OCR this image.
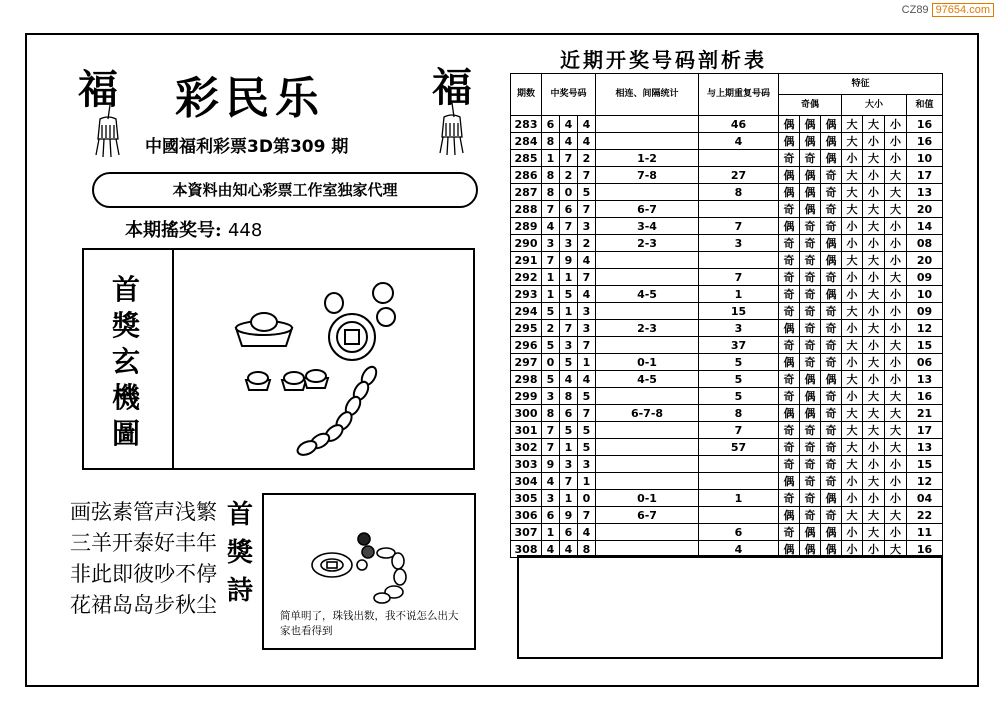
CZ89 97654.com
福	福
彩民乐
中國福利彩票3D第309 期
本資料由知心彩票工作室独家代理
本期搖奖号: 448
首
獎
玄
機
圖
画弦素管声浅繁
三羊开泰好丰年
非此即彼吵不停
花裙岛岛步秋尘
首
獎
詩
简单明了，珠钱出数，我不说怎么出大家也看得到
近期开奖号码剖析表
期数	中奖号码			相连、间隔统计	与上期重复号码	特征						
						奇偶			大小			和值
283	6	4	4		46	偶	偶	偶	大	大	小	16
284	8	4	4		4	偶	偶	偶	大	小	小	16
285	1	7	2	1-2		奇	奇	偶	小	大	小	10
286	8	2	7	7-8	27	偶	偶	奇	大	小	大	17
287	8	0	5		8	偶	偶	奇	大	小	大	13
288	7	6	7	6-7		奇	偶	奇	大	大	大	20
289	4	7	3	3-4	7	偶	奇	奇	小	大	小	14
290	3	3	2	2-3	3	奇	奇	偶	小	小	小	08
291	7	9	4			奇	奇	偶	大	大	小	20
292	1	1	7		7	奇	奇	奇	小	小	大	09
293	1	5	4	4-5	1	奇	奇	偶	小	大	小	10
294	5	1	3		15	奇	奇	奇	大	小	小	09
295	2	7	3	2-3	3	偶	奇	奇	小	大	小	12
296	5	3	7		37	奇	奇	奇	大	小	大	15
297	0	5	1	0-1	5	偶	奇	奇	小	大	小	06
298	5	4	4	4-5	5	奇	偶	偶	大	小	小	13
299	3	8	5		5	奇	偶	奇	小	大	大	16
300	8	6	7	6-7-8	8	偶	偶	奇	大	大	大	21
301	7	5	5		7	奇	奇	奇	大	大	大	17
302	7	1	5		57	奇	奇	奇	大	小	大	13
303	9	3	3			奇	奇	奇	大	小	小	15
304	4	7	1			偶	奇	奇	小	大	小	12
305	3	1	0	0-1	1	奇	奇	偶	小	小	小	04
306	6	9	7	6-7		偶	奇	奇	大	大	大	22
307	1	6	4		6	奇	偶	偶	小	大	小	11
308	4	4	8		4	偶	偶	偶	小	小	大	16
